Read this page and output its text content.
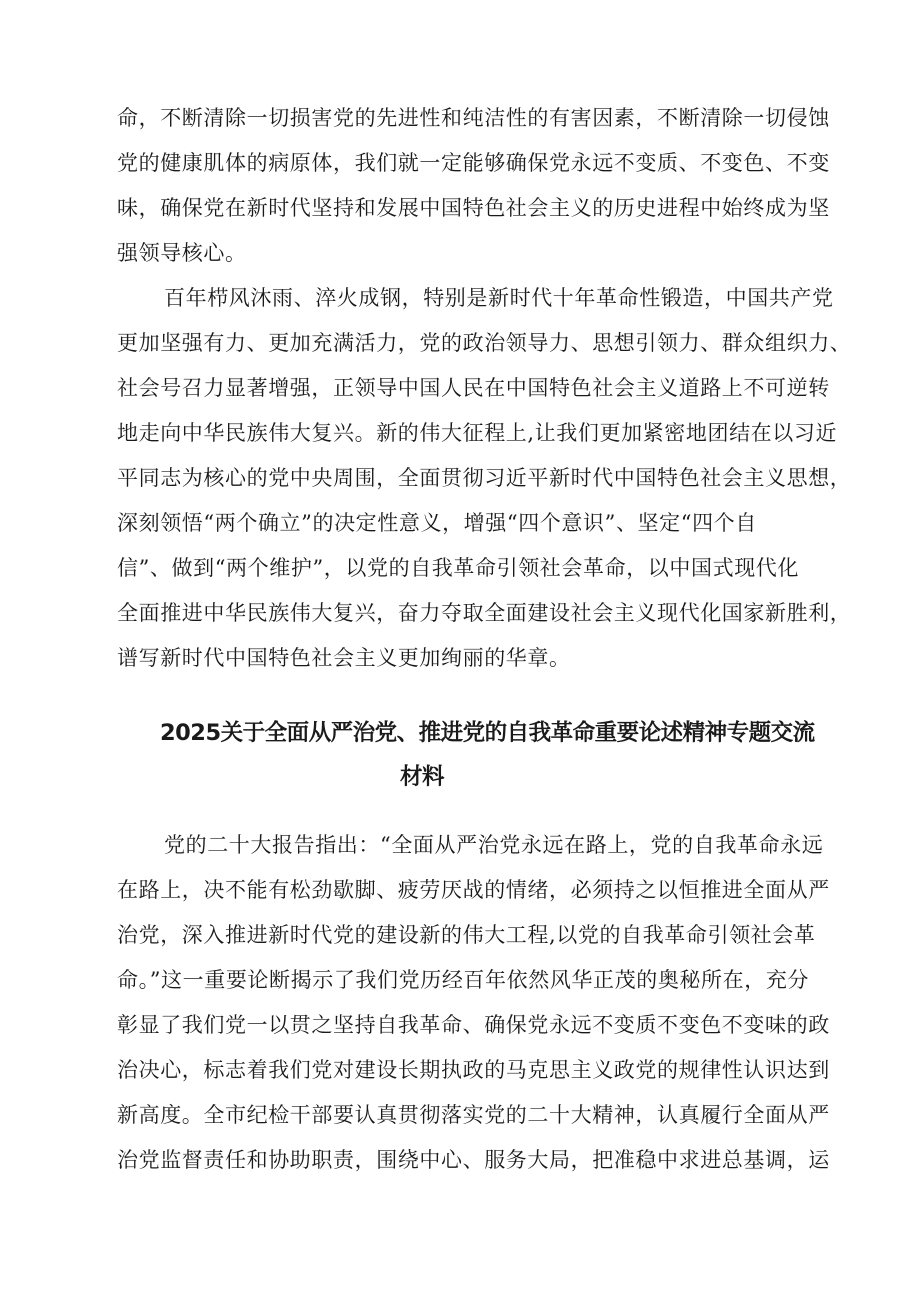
命，不断清除一切损害党的先进性和纯洁性的有害因素，不断清除一切侵蚀
党的健康肌体的病原体，我们就一定能够确保党永远不变质、不变色、不变
味，确保党在新时代坚持和发展中国特色社会主义的历史进程中始终成为坚
强领导核心。
百年栉风沐雨、淬火成钢，特别是新时代十年革命性锻造，中国共产党
更加坚强有力、更加充满活力，党的政治领导力、思想引领力、群众组织力、
社会号召力显著增强，正领导中国人民在中国特色社会主义道路上不可逆转
地走向中华民族伟大复兴。新的伟大征程上,让我们更加紧密地团结在以习近
平同志为核心的党中央周围，全面贯彻习近平新时代中国特色社会主义思想，
深刻领悟“两个确立”的决定性意义，增强“四个意识”、坚定“四个自
信”、做到“两个维护”，以党的自我革命引领社会革命，以中国式现代化
全面推进中华民族伟大复兴，奋力夺取全面建设社会主义现代化国家新胜利，
谱写新时代中国特色社会主义更加绚丽的华章。
2025关于全面从严治党、推进党的自我革命重要论述精神专题交流
材料
党的二十大报告指出：“全面从严治党永远在路上，党的自我革命永远
在路上，决不能有松劲歇脚、疲劳厌战的情绪，必须持之以恒推进全面从严
治党，深入推进新时代党的建设新的伟大工程,以党的自我革命引领社会革
命。”这一重要论断揭示了我们党历经百年依然风华正茂的奥秘所在，充分
彰显了我们党一以贯之坚持自我革命、确保党永远不变质不变色不变味的政
治决心，标志着我们党对建设长期执政的马克思主义政党的规律性认识达到
新高度。全市纪检干部要认真贯彻落实党的二十大精神，认真履行全面从严
治党监督责任和协助职责，围绕中心、服务大局，把准稳中求进总基调，运
